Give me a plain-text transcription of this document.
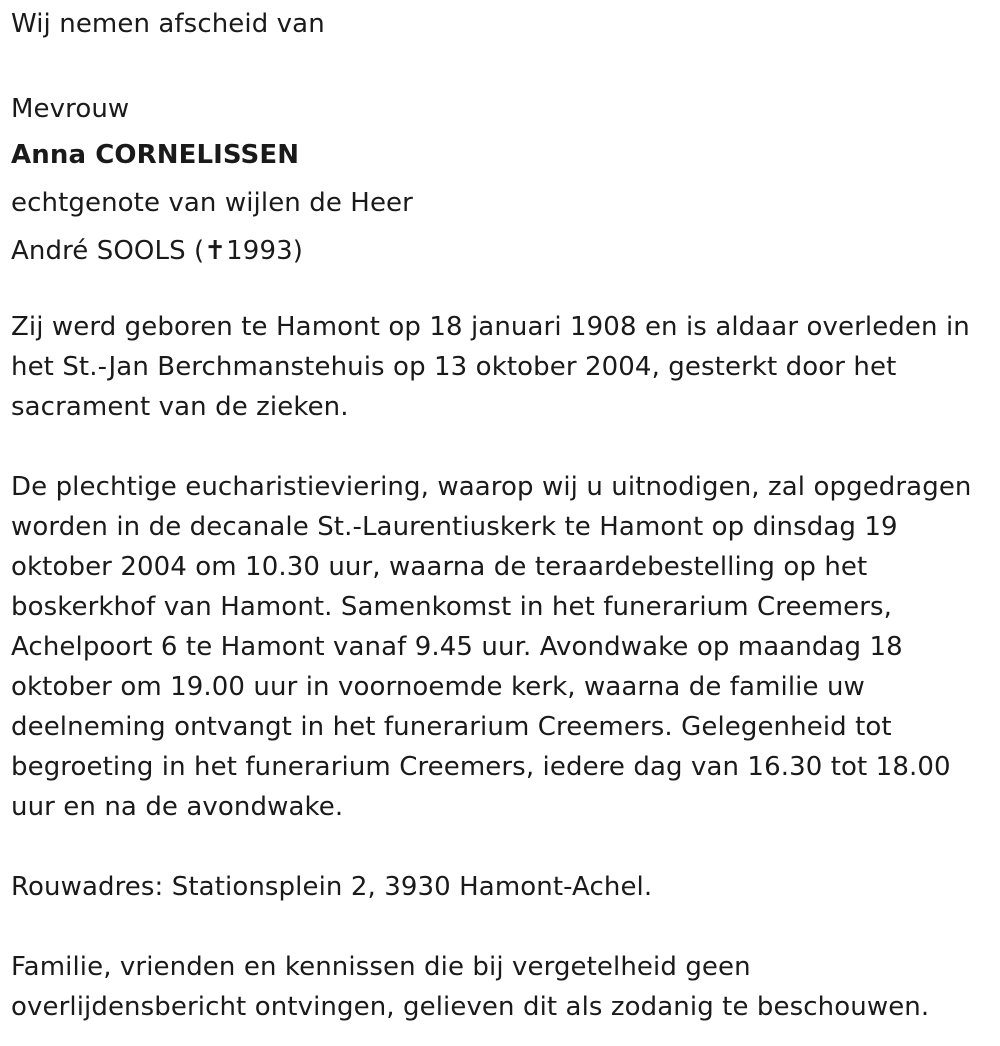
Wij nemen afscheid van

Mevrouw

Anna CORNELISSEN

echtgenote van wijlen de Heer

André SOOLS (✝1993)

Zij werd geboren te Hamont op 18 januari 1908 en is aldaar overleden in
het St.-Jan Berchmanstehuis op 13 oktober 2004, gesterkt door het
sacrament van de zieken.
De plechtige eucharistieviering, waarop wij u uitnodigen, zal opgedragen
worden in de decanale St.-Laurentiuskerk te Hamont op dinsdag 19
oktober 2004 om 10.30 uur, waarna de teraardebestelling op het
boskerkhof van Hamont. Samenkomst in het funerarium Creemers,
Achelpoort 6 te Hamont vanaf 9.45 uur. Avondwake op maandag 18
oktober om 19.00 uur in voornoemde kerk, waarna de familie uw
deelneming ontvangt in het funerarium Creemers. Gelegenheid tot
begroeting in het funerarium Creemers, iedere dag van 16.30 tot 18.00
uur en na de avondwake.

Rouwadres: Stationsplein 2, 3930 Hamont-Achel.

Familie, vrienden en kennissen die bij vergetelheid geen
overlijdensbericht ontvingen, gelieven dit als zodanig te beschouwen.
